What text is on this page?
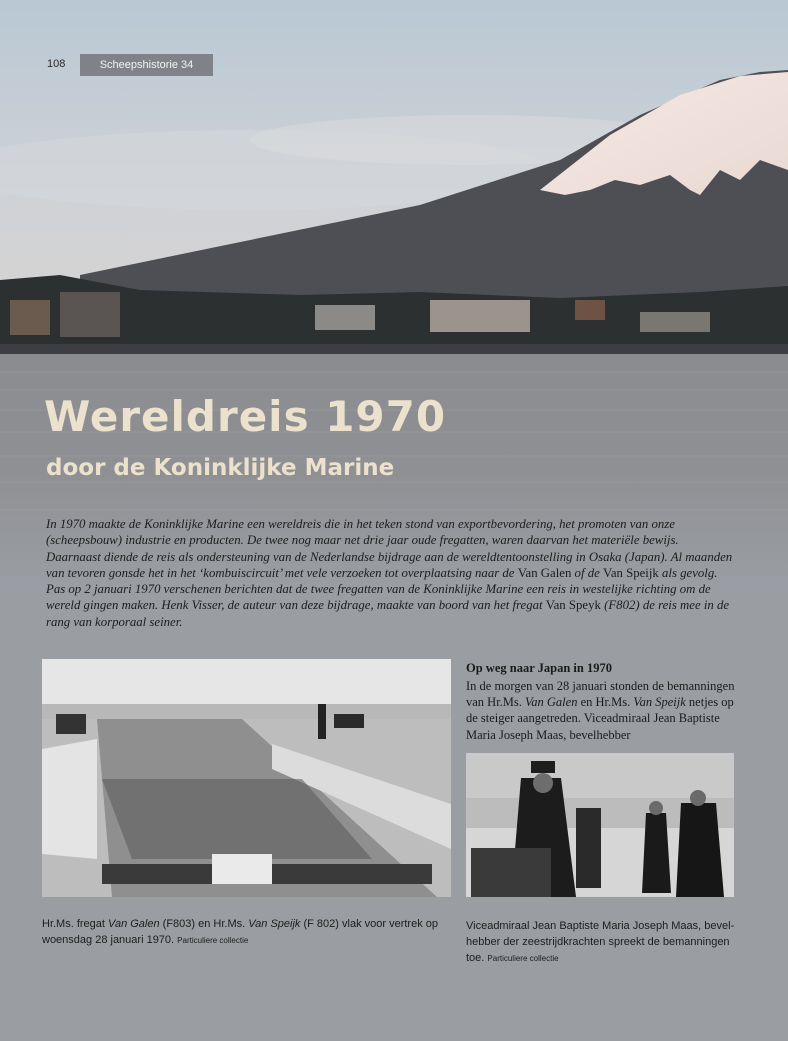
108	Scheepshistorie 34
Wereldreis 1970
door de Koninklijke Marine

In 1970 maakte de Koninklijke Marine een wereldreis die in het teken stond van exportbevordering, het promoten van onze (scheepsbouw) industrie en producten. De twee nog maar net drie jaar oude fregatten, waren daarvan het materiële bewijs. Daarnaast diende de reis als ondersteuning van de Nederlandse bijdrage aan de wereldtentoonstelling in Osaka (Japan). Al maanden van tevoren gonsde het in het ‘kombuiscircuit’ met vele verzoeken tot overplaatsing naar de Van Galen of de Van Speijk als gevolg. Pas op 2 januari 1970 verschenen berichten dat de twee fregatten van de Koninklijke Marine een reis in westelijke richting om de wereld gingen maken. Henk Visser, de auteur van deze bijdrage, maakte van boord van het fregat Van Speyk (F802) de reis mee in de rang van korporaal seiner.

Hr.Ms. fregat Van Galen (F803) en Hr.Ms. Van Speijk (F 802) vlak voor vertrek op woensdag 28 januari 1970. Particuliere collectie
Viceadmiraal Jean Baptiste Maria Joseph Maas, bevelhebber der zeestrijdkrachten spreekt de bemanningen toe. Particuliere collectie
Op weg naar Japan in 1970

In de morgen van 28 januari stonden de bemanningen van Hr.Ms. Van Galen en Hr.Ms. Van Speijk netjes op de steiger aangetreden. Viceadmiraal Jean Baptiste Maria Joseph Maas, bevelhebber
